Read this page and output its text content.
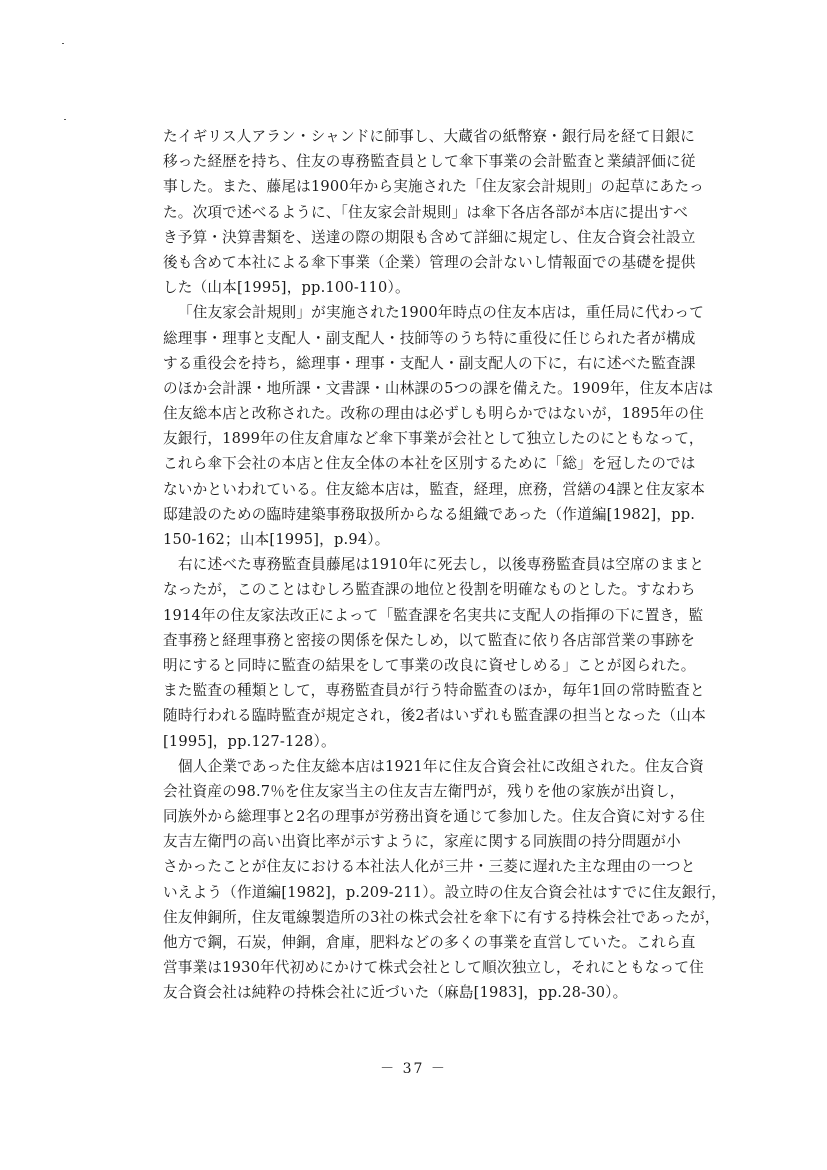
たイギリス人アラン・シャンドに師事し、大蔵省の紙幣寮・銀行局を経て日銀に
移った経歴を持ち、住友の専務監査員として傘下事業の会計監査と業績評価に従
事した。また、藤尾は1900年から実施された「住友家会計規則」の起草にあたっ
た。次項で述べるように、「住友家会計規則」は傘下各店各部が本店に提出すべ
き予算・決算書類を、送達の際の期限も含めて詳細に規定し、住友合資会社設立
後も含めて本社による傘下事業（企業）管理の会計ないし情報面での基礎を提供
した（山本[1995]，pp.100-110）。
「住友家会計規則」が実施された1900年時点の住友本店は，重任局に代わって
総理事・理事と支配人・副支配人・技師等のうち特に重役に任じられた者が構成
する重役会を持ち，総理事・理事・支配人・副支配人の下に，右に述べた監査課
のほか会計課・地所課・文書課・山林課の5つの課を備えた。1909年，住友本店は
住友総本店と改称された。改称の理由は必ずしも明らかではないが，1895年の住
友銀行，1899年の住友倉庫など傘下事業が会社として独立したのにともなって，
これら傘下会社の本店と住友全体の本社を区別するために「総」を冠したのでは
ないかといわれている。住友総本店は，監査，経理，庶務，営繕の4課と住友家本
邸建設のための臨時建築事務取扱所からなる組織であった（作道編[1982]，pp.
150-162；山本[1995]，p.94）。
右に述べた専務監査員藤尾は1910年に死去し，以後専務監査員は空席のままと
なったが，このことはむしろ監査課の地位と役割を明確なものとした。すなわち
1914年の住友家法改正によって「監査課を名実共に支配人の指揮の下に置き，監
査事務と経理事務と密接の関係を保たしめ，以て監査に依り各店部営業の事跡を
明にすると同時に監査の結果をして事業の改良に資せしめる」ことが図られた。
また監査の種類として，専務監査員が行う特命監査のほか，毎年1回の常時監査と
随時行われる臨時監査が規定され，後2者はいずれも監査課の担当となった（山本
[1995]，pp.127-128）。
個人企業であった住友総本店は1921年に住友合資会社に改組された。住友合資
会社資産の98.7％を住友家当主の住友吉左衛門が，残りを他の家族が出資し，
同族外から総理事と2名の理事が労務出資を通じて参加した。住友合資に対する住
友吉左衛門の高い出資比率が示すように，家産に関する同族間の持分問題が小
さかったことが住友における本社法人化が三井・三菱に遅れた主な理由の一つと
いえよう（作道編[1982]，p.209-211）。設立時の住友合資会社はすでに住友銀行，
住友伸銅所，住友電線製造所の3社の株式会社を傘下に有する持株会社であったが，
他方で鋼，石炭，伸銅，倉庫，肥料などの多くの事業を直営していた。これら直
営事業は1930年代初めにかけて株式会社として順次独立し，それにともなって住
友合資会社は純粋の持株会社に近づいた（麻島[1983]，pp.28-30）。
－ 37 －
